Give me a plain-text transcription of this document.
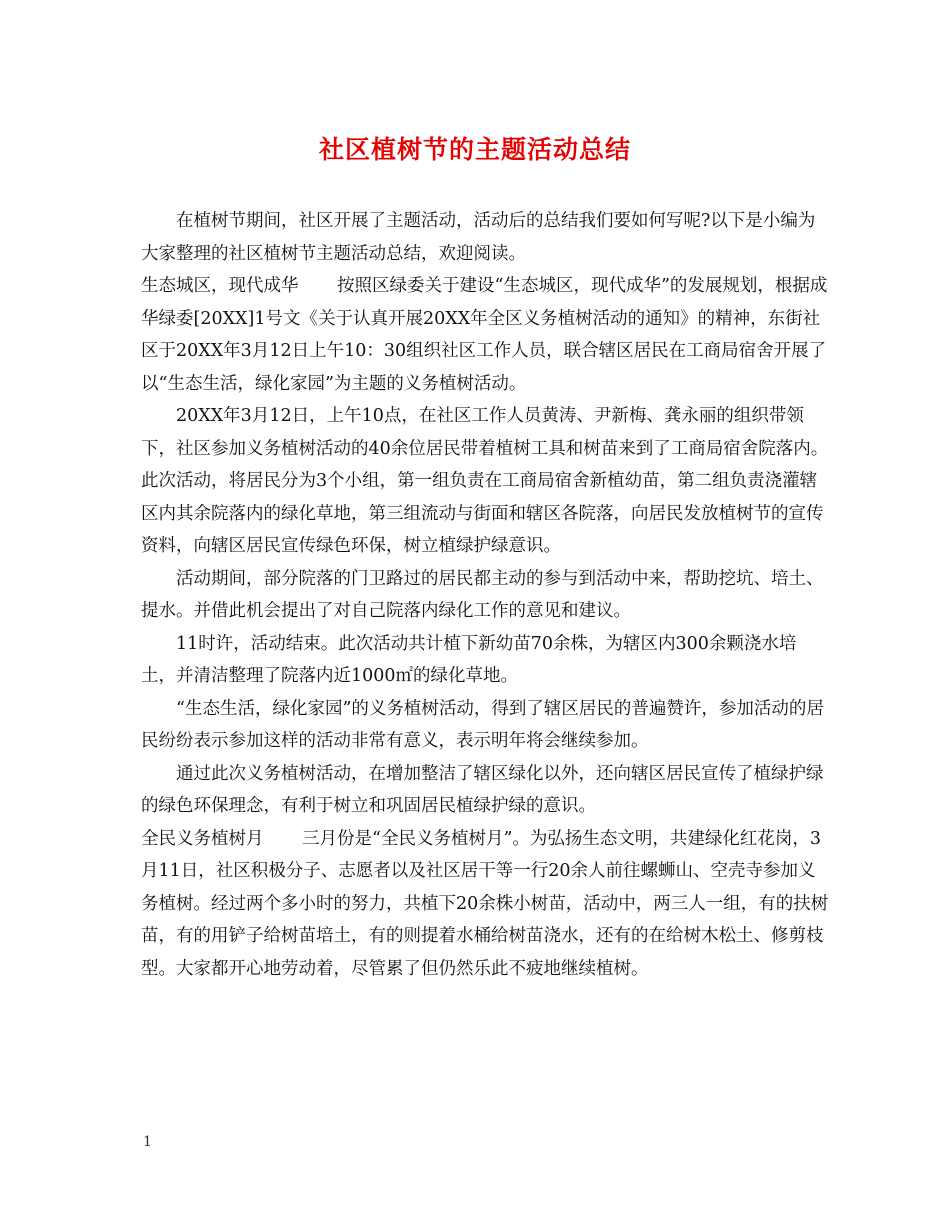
社区植树节的主题活动总结

在植树节期间，社区开展了主题活动，活动后的总结我们要如何写呢?以下是小编为大家整理的社区植树节主题活动总结，欢迎阅读。

生态城区，现代成华 按照区绿委关于建设“生态城区，现代成华”的发展规划，根据成华绿委[20XX]1号文《关于认真开展20XX年全区义务植树活动的通知》的精神，东街社区于20XX年3月12日上午10：30组织社区工作人员，联合辖区居民在工商局宿舍开展了以“生态生活，绿化家园”为主题的义务植树活动。

20XX年3月12日，上午10点，在社区工作人员黄涛、尹新梅、龚永丽的组织带领下，社区参加义务植树活动的40余位居民带着植树工具和树苗来到了工商局宿舍院落内。此次活动，将居民分为3个小组，第一组负责在工商局宿舍新植幼苗，第二组负责浇灌辖区内其余院落内的绿化草地，第三组流动与街面和辖区各院落，向居民发放植树节的宣传资料，向辖区居民宣传绿色环保，树立植绿护绿意识。

活动期间，部分院落的门卫路过的居民都主动的参与到活动中来，帮助挖坑、培土、提水。并借此机会提出了对自己院落内绿化工作的意见和建议。

11时许，活动结束。此次活动共计植下新幼苗70余株，为辖区内300余颗浇水培土，并清洁整理了院落内近1000㎡的绿化草地。

“生态生活，绿化家园”的义务植树活动，得到了辖区居民的普遍赞许，参加活动的居民纷纷表示参加这样的活动非常有意义，表示明年将会继续参加。

通过此次义务植树活动，在增加整洁了辖区绿化以外，还向辖区居民宣传了植绿护绿的绿色环保理念，有利于树立和巩固居民植绿护绿的意识。

全民义务植树月 三月份是“全民义务植树月”。为弘扬生态文明，共建绿化红花岗，3月11日，社区积极分子、志愿者以及社区居干等一行20余人前往螺蛳山、空壳寺参加义务植树。经过两个多小时的努力，共植下20余株小树苗，活动中，两三人一组，有的扶树苗，有的用铲子给树苗培土，有的则提着水桶给树苗浇水，还有的在给树木松土、修剪枝型。大家都开心地劳动着，尽管累了但仍然乐此不疲地继续植树。

1
